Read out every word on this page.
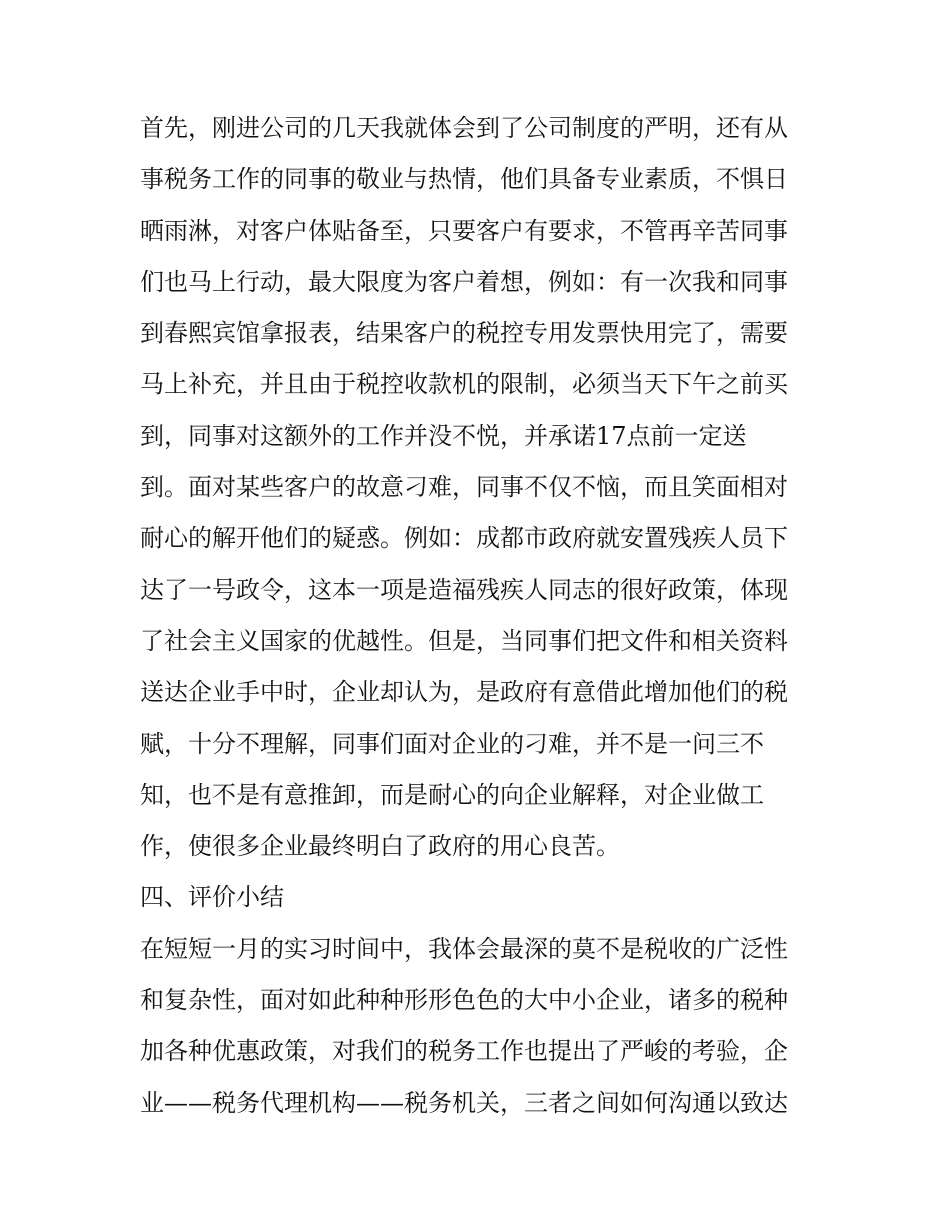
首先，刚进公司的几天我就体会到了公司制度的严明，还有从
事税务工作的同事的敬业与热情，他们具备专业素质，不惧日
晒雨淋，对客户体贴备至，只要客户有要求，不管再辛苦同事
们也马上行动，最大限度为客户着想，例如：有一次我和同事
到春熙宾馆拿报表，结果客户的税控专用发票快用完了，需要
马上补充，并且由于税控收款机的限制，必须当天下午之前买
到，同事对这额外的工作并没不悦，并承诺17点前一定送
到。面对某些客户的故意刁难，同事不仅不恼，而且笑面相对
耐心的解开他们的疑惑。例如：成都市政府就安置残疾人员下
达了一号政令，这本一项是造福残疾人同志的很好政策，体现
了社会主义国家的优越性。但是，当同事们把文件和相关资料
送达企业手中时，企业却认为，是政府有意借此增加他们的税
赋，十分不理解，同事们面对企业的刁难，并不是一问三不
知，也不是有意推卸，而是耐心的向企业解释，对企业做工
作，使很多企业最终明白了政府的用心良苦。
四、评价小结
在短短一月的实习时间中，我体会最深的莫不是税收的广泛性
和复杂性，面对如此种种形形色色的大中小企业，诸多的税种
加各种优惠政策，对我们的税务工作也提出了严峻的考验，企
业——税务代理机构——税务机关，三者之间如何沟通以致达
